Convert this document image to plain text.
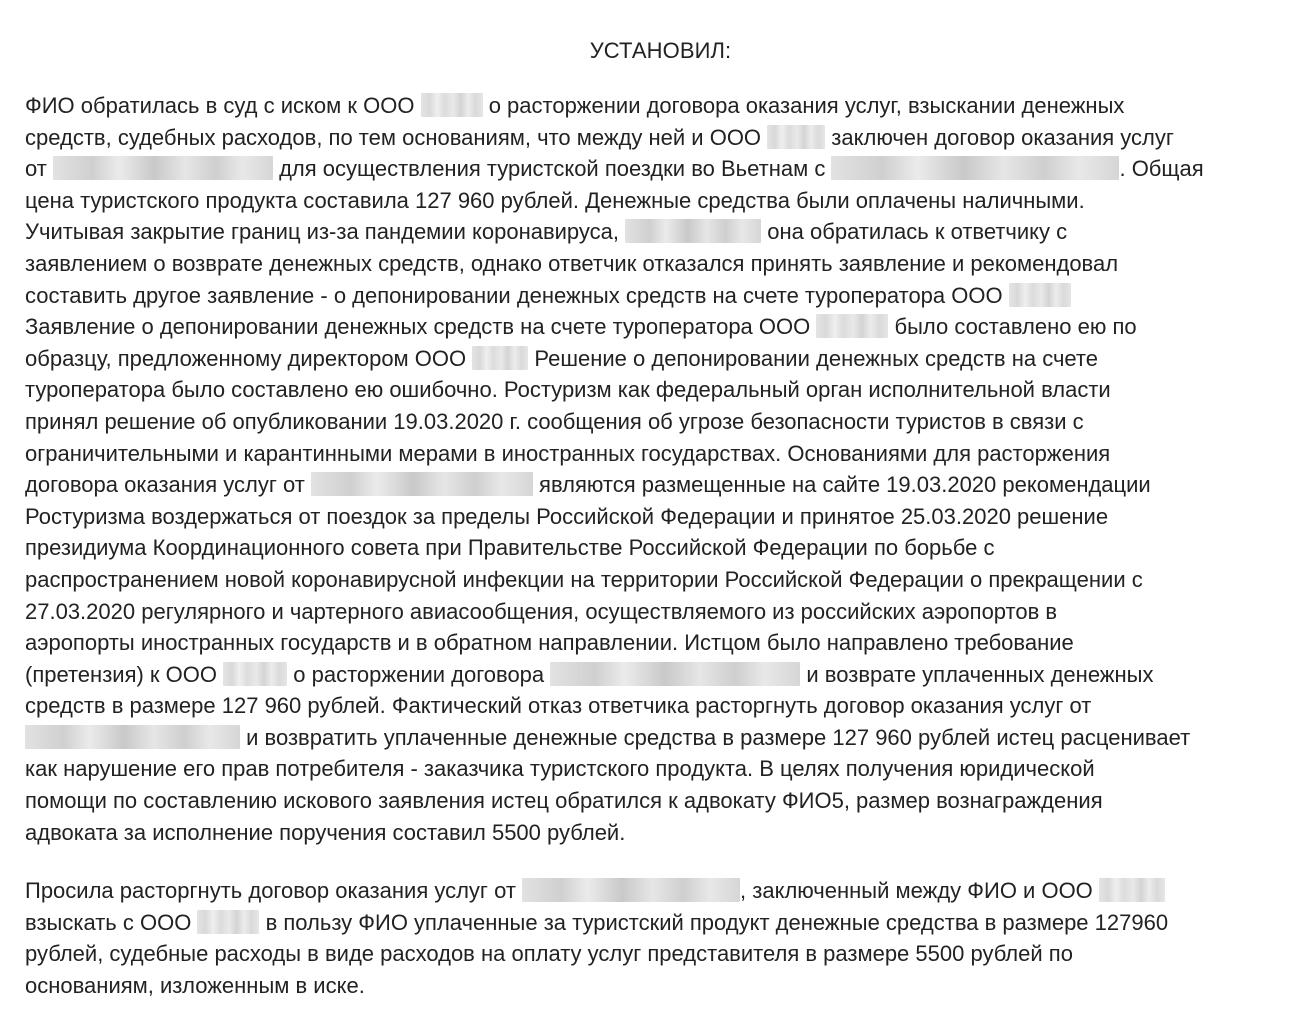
УСТАНОВИЛ:
ФИО обратилась в суд с иском к ООО	о расторжении договора оказания услуг, взыскании денежных
средств, судебных расходов, по тем основаниям, что между ней и ООО	заключен договор оказания услуг
от	для осуществления туристской поездки во Вьетнам с	. Общая
цена туристского продукта составила 127 960 рублей. Денежные средства были оплачены наличными.
Учитывая закрытие границ из-за пандемии коронавируса,	она обратилась к ответчику с
заявлением о возврате денежных средств, однако ответчик отказался принять заявление и рекомендовал
составить другое заявление - о депонировании денежных средств на счете туроператора ООО
Заявление о депонировании денежных средств на счете туроператора ООО	было составлено ею по
образцу, предложенному директором ООО	Решение о депонировании денежных средств на счете
туроператора было составлено ею ошибочно. Ростуризм как федеральный орган исполнительной власти
принял решение об опубликовании 19.03.2020 г. сообщения об угрозе безопасности туристов в связи с
ограничительными и карантинными мерами в иностранных государствах. Основаниями для расторжения
договора оказания услуг от	являются размещенные на сайте 19.03.2020 рекомендации
Ростуризма воздержаться от поездок за пределы Российской Федерации и принятое 25.03.2020 решение
президиума Координационного совета при Правительстве Российской Федерации по борьбе с
распространением новой коронавирусной инфекции на территории Российской Федерации о прекращении с
27.03.2020 регулярного и чартерного авиасообщения, осуществляемого из российских аэропортов в
аэропорты иностранных государств и в обратном направлении. Истцом было направлено требование
(претензия) к ООО	о расторжении договора	и возврате уплаченных денежных
средств в размере 127 960 рублей. Фактический отказ ответчика расторгнуть договор оказания услуг от
и возвратить уплаченные денежные средства в размере 127 960 рублей истец расценивает
как нарушение его прав потребителя - заказчика туристского продукта. В целях получения юридической
помощи по составлению искового заявления истец обратился к адвокату ФИО5, размер вознаграждения
адвоката за исполнение поручения составил 5500 рублей.
Просила расторгнуть договор оказания услуг от	, заключенный между ФИО и ООО
взыскать с ООО	в пользу ФИО уплаченные за туристский продукт денежные средства в размере 127960
рублей, судебные расходы в виде расходов на оплату услуг представителя в размере 5500 рублей по
основаниям, изложенным в иске.
